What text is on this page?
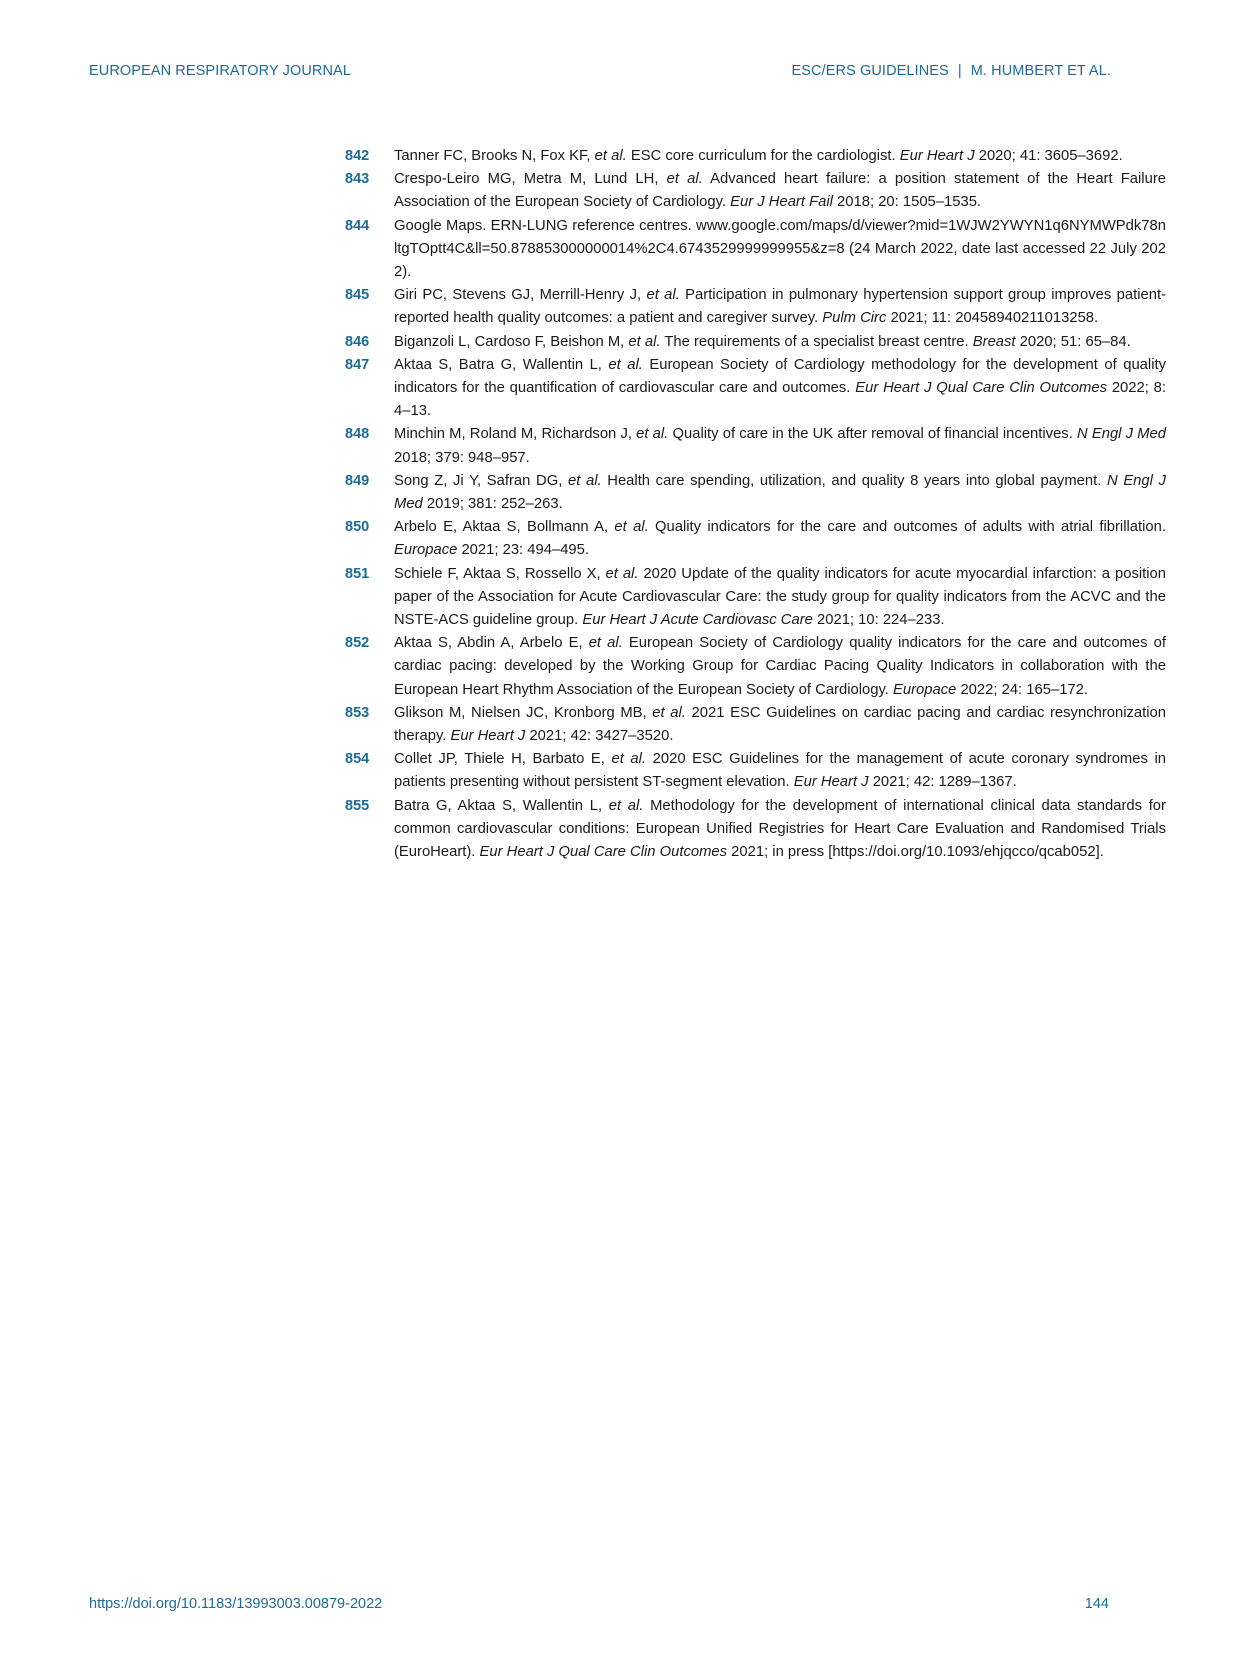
EUROPEAN RESPIRATORY JOURNAL	ESC/ERS GUIDELINES | M. HUMBERT ET AL.

842 Tanner FC, Brooks N, Fox KF, et al. ESC core curriculum for the cardiologist. Eur Heart J 2020; 41: 3605–3692.

843 Crespo-Leiro MG, Metra M, Lund LH, et al. Advanced heart failure: a position statement of the Heart Failure Association of the European Society of Cardiology. Eur J Heart Fail 2018; 20: 1505–1535.

844 Google Maps. ERN-LUNG reference centres. www.google.com/maps/d/viewer?mid=1WJW2YWYN1q6NYMWPdk78nltgTOptt4C&ll=50.878853000000014%2C4.6743529999999955&z=8 (24 March 2022, date last accessed 22 July 2022).

845 Giri PC, Stevens GJ, Merrill-Henry J, et al. Participation in pulmonary hypertension support group improves patient-reported health quality outcomes: a patient and caregiver survey. Pulm Circ 2021; 11: 20458940211013258.

846 Biganzoli L, Cardoso F, Beishon M, et al. The requirements of a specialist breast centre. Breast 2020; 51: 65–84.

847 Aktaa S, Batra G, Wallentin L, et al. European Society of Cardiology methodology for the development of quality indicators for the quantification of cardiovascular care and outcomes. Eur Heart J Qual Care Clin Outcomes 2022; 8: 4–13.

848 Minchin M, Roland M, Richardson J, et al. Quality of care in the UK after removal of financial incentives. N Engl J Med 2018; 379: 948–957.

849 Song Z, Ji Y, Safran DG, et al. Health care spending, utilization, and quality 8 years into global payment. N Engl J Med 2019; 381: 252–263.

850 Arbelo E, Aktaa S, Bollmann A, et al. Quality indicators for the care and outcomes of adults with atrial fibrillation. Europace 2021; 23: 494–495.

851 Schiele F, Aktaa S, Rossello X, et al. 2020 Update of the quality indicators for acute myocardial infarction: a position paper of the Association for Acute Cardiovascular Care: the study group for quality indicators from the ACVC and the NSTE-ACS guideline group. Eur Heart J Acute Cardiovasc Care 2021; 10: 224–233.

852 Aktaa S, Abdin A, Arbelo E, et al. European Society of Cardiology quality indicators for the care and outcomes of cardiac pacing: developed by the Working Group for Cardiac Pacing Quality Indicators in collaboration with the European Heart Rhythm Association of the European Society of Cardiology. Europace 2022; 24: 165–172.

853 Glikson M, Nielsen JC, Kronborg MB, et al. 2021 ESC Guidelines on cardiac pacing and cardiac resynchronization therapy. Eur Heart J 2021; 42: 3427–3520.

854 Collet JP, Thiele H, Barbato E, et al. 2020 ESC Guidelines for the management of acute coronary syndromes in patients presenting without persistent ST-segment elevation. Eur Heart J 2021; 42: 1289–1367.

855 Batra G, Aktaa S, Wallentin L, et al. Methodology for the development of international clinical data standards for common cardiovascular conditions: European Unified Registries for Heart Care Evaluation and Randomised Trials (EuroHeart). Eur Heart J Qual Care Clin Outcomes 2021; in press [https://doi.org/10.1093/ehjqcco/qcab052].

https://doi.org/10.1183/13993003.00879-2022	144
